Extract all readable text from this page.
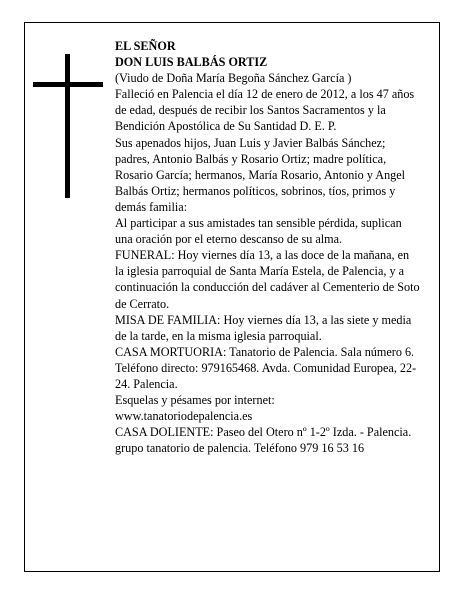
EL SEÑOR

DON LUIS BALBÁS ORTIZ

(Viudo de Doña María Begoña Sánchez García )

Falleció en Palencia el día 12 de enero de 2012, a los 47 años de edad, después de recibir los Santos Sacramentos y la Bendición Apostólica de Su Santidad D. E. P.

Sus apenados hijos, Juan Luis y Javier Balbás Sánchez; padres, Antonio Balbás y Rosario Ortiz; madre política, Rosario García; hermanos, María Rosario, Antonio y Angel Balbás Ortiz; hermanos políticos, sobrinos, tíos, primos y demás familia:

Al participar a sus amistades tan sensible pérdida, suplican una oración por el eterno descanso de su alma.

FUNERAL: Hoy viernes día 13, a las doce de la mañana, en la iglesia parroquial de Santa María Estela, de Palencia, y a continuación la conducción del cadáver al Cementerio de Soto de Cerrato.

MISA DE FAMILIA: Hoy viernes día 13, a las siete y media de la tarde, en la misma iglesia parroquial.

CASA MORTUORIA: Tanatorio de Palencia. Sala número 6. Teléfono directo: 979165468. Avda. Comunidad Europea, 22-24. Palencia.

Esquelas y pésames por internet:

www.tanatoriodepalencia.es

CASA DOLIENTE: Paseo del Otero nº 1-2º Izda. - Palencia.

grupo tanatorio de palencia. Teléfono 979 16 53 16
